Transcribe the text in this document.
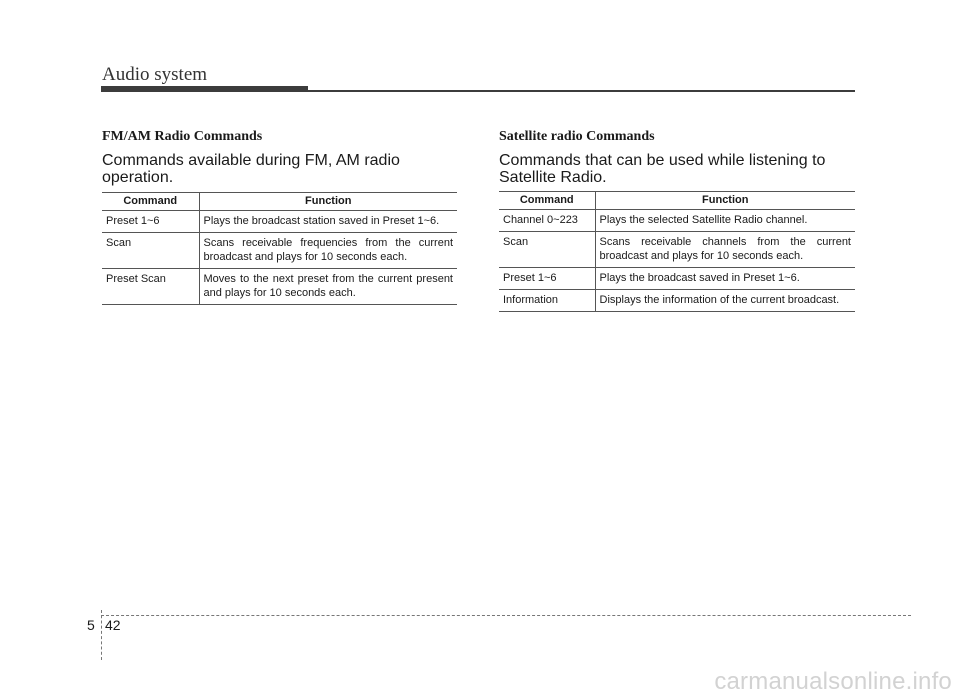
Audio system
FM/AM Radio Commands

Commands available during FM, AM radio operation.

Command	Function
Preset 1~6	Plays the broadcast station saved in Preset 1~6.
Scan	Scans receivable frequencies from the current broadcast and plays for 10 seconds each.
Preset Scan	Moves to the next preset from the current present and plays for 10 seconds each.
Satellite radio Commands

Commands that can be used while listening to Satellite Radio.

Command	Function
Channel 0~223	Plays the selected Satellite Radio channel.
Scan	Scans receivable channels from the current broadcast and plays for 10 seconds each.
Preset 1~6	Plays the broadcast saved in Preset 1~6.
Information	Displays the information of the current broadcast.
5 42
carmanualsonline.info
